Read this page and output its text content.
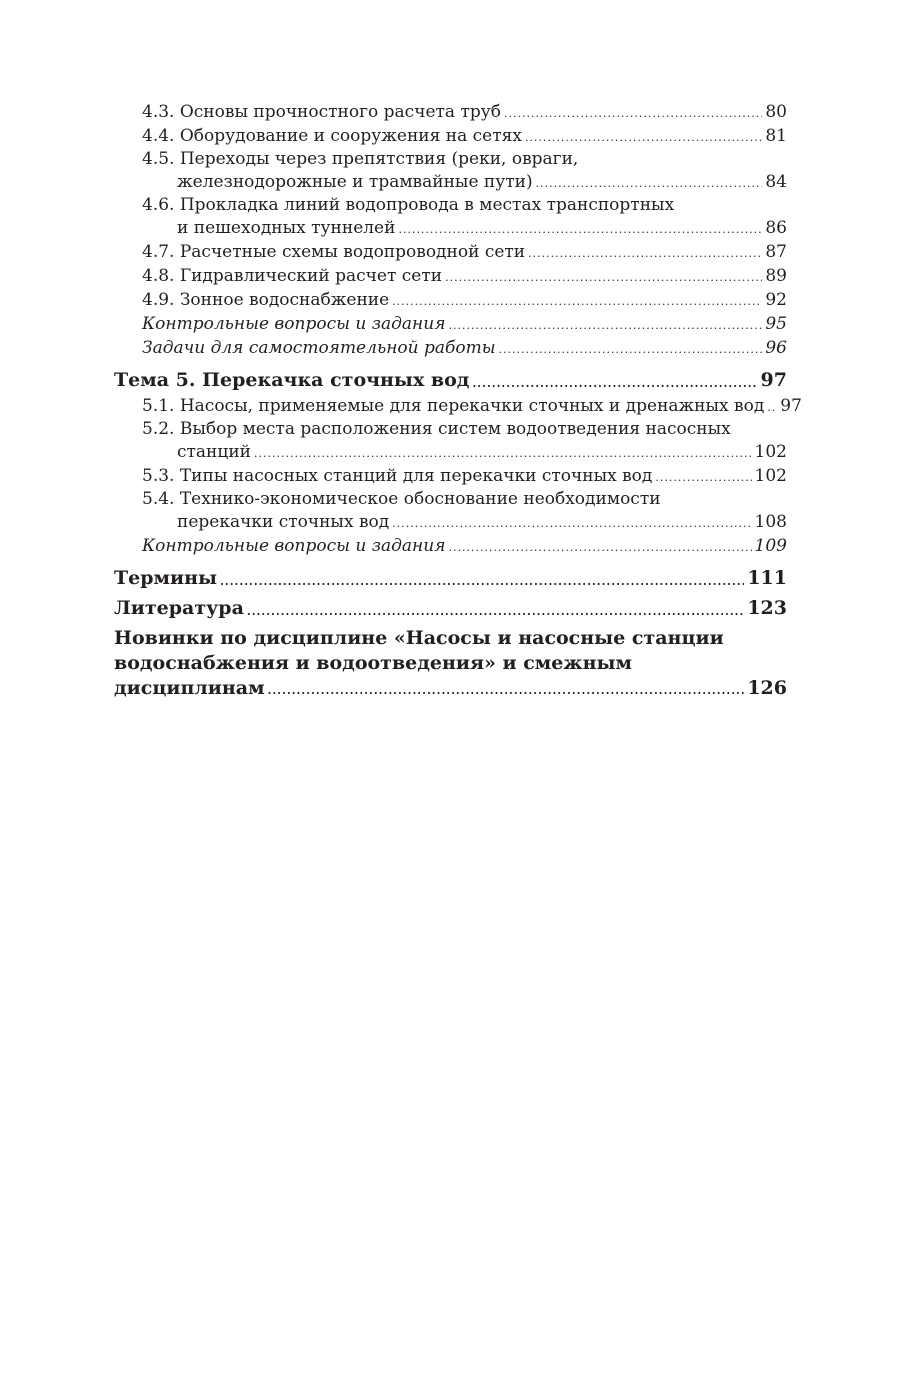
4.3. Основы прочностного расчета труб .....	80
4.4. Оборудование и сооружения на сетях .....	81
4.5. Переходы через препятствия (реки, овраги,
железнодорожные и трамвайные пути) .....	84
4.6. Прокладка линий водопровода в местах транспортных
и пешеходных туннелей .....	86
4.7. Расчетные схемы водопроводной сети .....	87
4.8. Гидравлический расчет сети .....	89
4.9. Зонное водоснабжение .....	92
Контрольные вопросы и задания .....	95
Задачи для самостоятельной работы .....	96
Тема 5. Перекачка сточных вод .....	97
5.1. Насосы, применяемые для перекачки сточных и дренажных вод ..... 97
5.2. Выбор места расположения систем водоотведения насосных
станций .....	102
5.3. Типы насосных станций для перекачки сточных вод .....	102
5.4. Технико-экономическое обоснование необходимости
перекачки сточных вод .....	108
Контрольные вопросы и задания .....	109
Термины .....	111
Литература .....	123
Новинки по дисциплине «Насосы и насосные станции
водоснабжения и водоотведения» и смежным
дисциплинам .....	126
